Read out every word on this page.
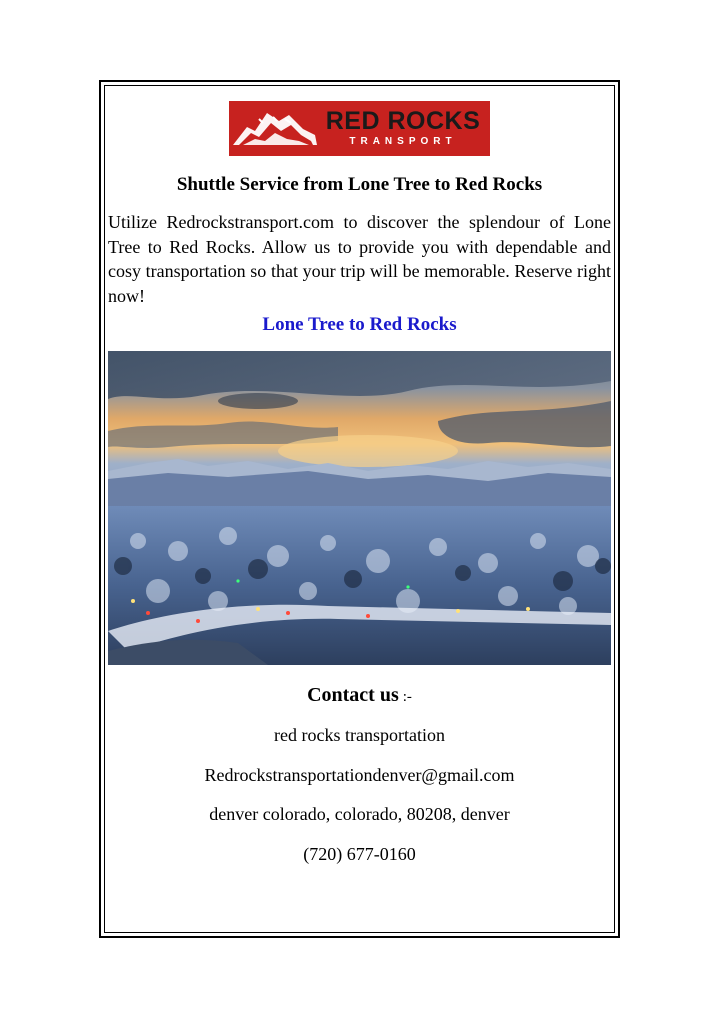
RED ROCKS
TRANSPORT
Shuttle Service from Lone Tree to Red Rocks
Utilize Redrockstransport.com to discover the splendour of Lone Tree to Red Rocks. Allow us to provide you with dependable and cosy transportation so that your trip will be memorable. Reserve right now!
Lone Tree to Red Rocks
Contact us :-
red rocks transportation
Redrockstransportationdenver@gmail.com
denver colorado, colorado, 80208, denver
(720) 677-0160
